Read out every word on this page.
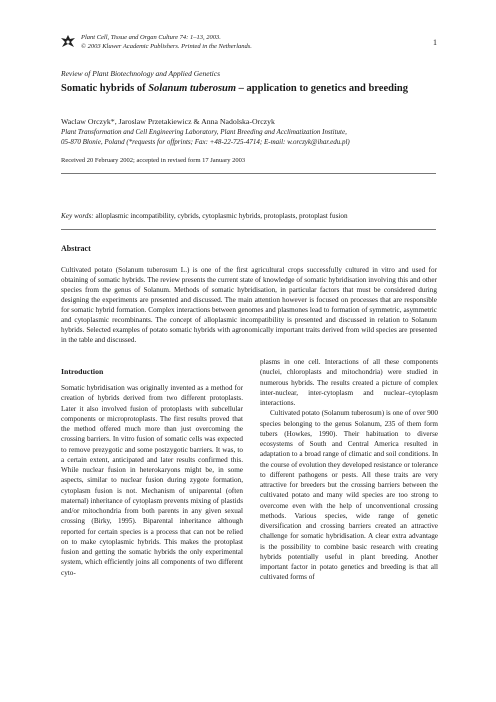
Plant Cell, Tissue and Organ Culture 74: 1–13, 2003.
© 2003 Kluwer Academic Publishers. Printed in the Netherlands.	1
Review of Plant Biotechnology and Applied Genetics
Somatic hybrids of Solanum tuberosum – application to genetics and breeding
Waclaw Orczyk*, Jaroslaw Przetakiewicz & Anna Nadolska-Orczyk
Plant Transformation and Cell Engineering Laboratory, Plant Breeding and Acclimatization Institute,
05-870 Blonie, Poland (*requests for offprints; Fax: +48-22-725-4714; E-mail: w.orczyk@ihar.edu.pl)
Received 20 February 2002; accepted in revised form 17 January 2003
Key words: alloplasmic incompatibility, cybrids, cytoplasmic hybrids, protoplasts, protoplast fusion
Abstract
Cultivated potato (Solanum tuberosum L.) is one of the first agricultural crops successfully cultured in vitro and used for obtaining of somatic hybrids. The review presents the current state of knowledge of somatic hybridisation involving this and other species from the genus of Solanum. Methods of somatic hybridisation, in particular factors that must be considered during designing the experiments are presented and discussed. The main attention however is focused on processes that are responsible for somatic hybrid formation. Complex interactions between genomes and plasmones lead to formation of symmetric, asymmetric and cytoplasmic recombinants. The concept of alloplasmic incompatibility is presented and discussed in relation to Solanum hybrids. Selected examples of potato somatic hybrids with agronomically important traits derived from wild species are presented in the table and discussed.
Introduction

Somatic hybridisation was originally invented as a method for creation of hybrids derived from two different protoplasts. Later it also involved fusion of protoplasts with subcellular components or microprotoplasts. The first results proved that the method offered much more than just overcoming the crossing barriers. In vitro fusion of somatic cells was expected to remove prezygotic and some postzygotic barriers. It was, to a certain extent, anticipated and later results confirmed this. While nuclear fusion in heterokaryons might be, in some aspects, similar to nuclear fusion during zygote formation, cytoplasm fusion is not. Mechanism of uniparental (often maternal) inheritance of cytoplasm prevents mixing of plastids and/or mitochondria from both parents in any given sexual crossing (Birky, 1995). Biparental inheritance although reported for certain species is a process that can not be relied on to make cytoplasmic hybrids. This makes the protoplast fusion and getting the somatic hybrids the only experimental system, which efficiently joins all components of two different cyto-

plasms in one cell. Interactions of all these components (nuclei, chloroplasts and mitochondria) were studied in numerous hybrids. The results created a picture of complex inter-nuclear, inter-cytoplasm and nuclear–cytoplasm interactions.

Cultivated potato (Solanum tuberosum) is one of over 900 species belonging to the genus Solanum, 235 of them form tubers (Howkes, 1990). Their habituation to diverse ecosystems of South and Central America resulted in adaptation to a broad range of climatic and soil conditions. In the course of evolution they developed resistance or tolerance to different pathogens or pests. All these traits are very attractive for breeders but the crossing barriers between the cultivated potato and many wild species are too strong to overcome even with the help of unconventional crossing methods. Various species, wide range of genetic diversification and crossing barriers created an attractive challenge for somatic hybridisation. A clear extra advantage is the possibility to combine basic research with creating hybrids potentially useful in plant breeding. Another important factor in potato genetics and breeding is that all cultivated forms of
